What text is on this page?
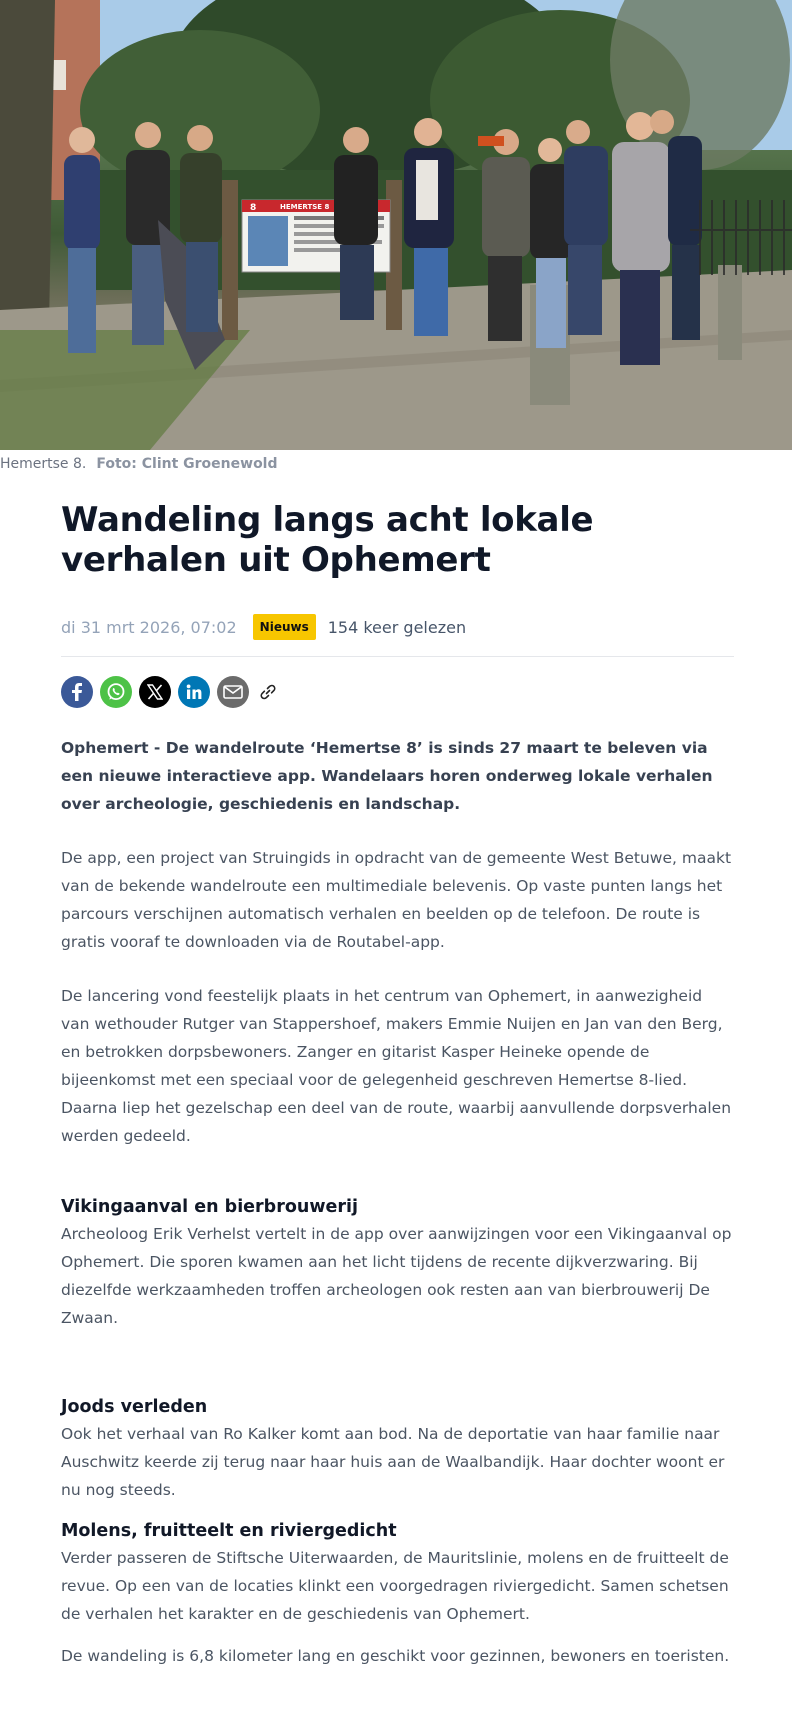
HEMERTSE 8
8
Hemertse 8. Foto: Clint Groenewold
Wandeling langs acht lokale verhalen uit Ophemert
di 31 mrt 2026, 07:02	Nieuws	154 keer gelezen

Ophemert - De wandelroute ‘Hemertse 8’ is sinds 27 maart te beleven via een nieuwe interactieve app. Wandelaars horen onderweg lokale verhalen over archeologie, geschiedenis en landschap.

De app, een project van Struingids in opdracht van de gemeente West Betuwe, maakt van de bekende wandelroute een multimediale belevenis. Op vaste punten langs het parcours verschijnen automatisch verhalen en beelden op de telefoon. De route is gratis vooraf te downloaden via de Routabel-app.

De lancering vond feestelijk plaats in het centrum van Ophemert, in aanwezigheid van wethouder Rutger van Stappershoef, makers Emmie Nuijen en Jan van den Berg, en betrokken dorpsbewoners. Zanger en gitarist Kasper Heineke opende de bijeenkomst met een speciaal voor de gelegenheid geschreven Hemertse 8-lied. Daarna liep het gezelschap een deel van de route, waarbij aanvullende dorpsverhalen werden gedeeld.

Vikingaanval en bierbrouwerij

Archeoloog Erik Verhelst vertelt in de app over aanwijzingen voor een Vikingaanval op Ophemert. Die sporen kwamen aan het licht tijdens de recente dijkverzwaring. Bij diezelfde werkzaamheden troffen archeologen ook resten aan van bierbrouwerij De Zwaan.

Joods verleden

Ook het verhaal van Ro Kalker komt aan bod. Na de deportatie van haar familie naar Auschwitz keerde zij terug naar haar huis aan de Waalbandijk. Haar dochter woont er nu nog steeds.

Molens, fruitteelt en riviergedicht

Verder passeren de Stiftsche Uiterwaarden, de Mauritslinie, molens en de fruitteelt de revue. Op een van de locaties klinkt een voorgedragen riviergedicht. Samen schetsen de verhalen het karakter en de geschiedenis van Ophemert.

De wandeling is 6,8 kilometer lang en geschikt voor gezinnen, bewoners en toeristen.
